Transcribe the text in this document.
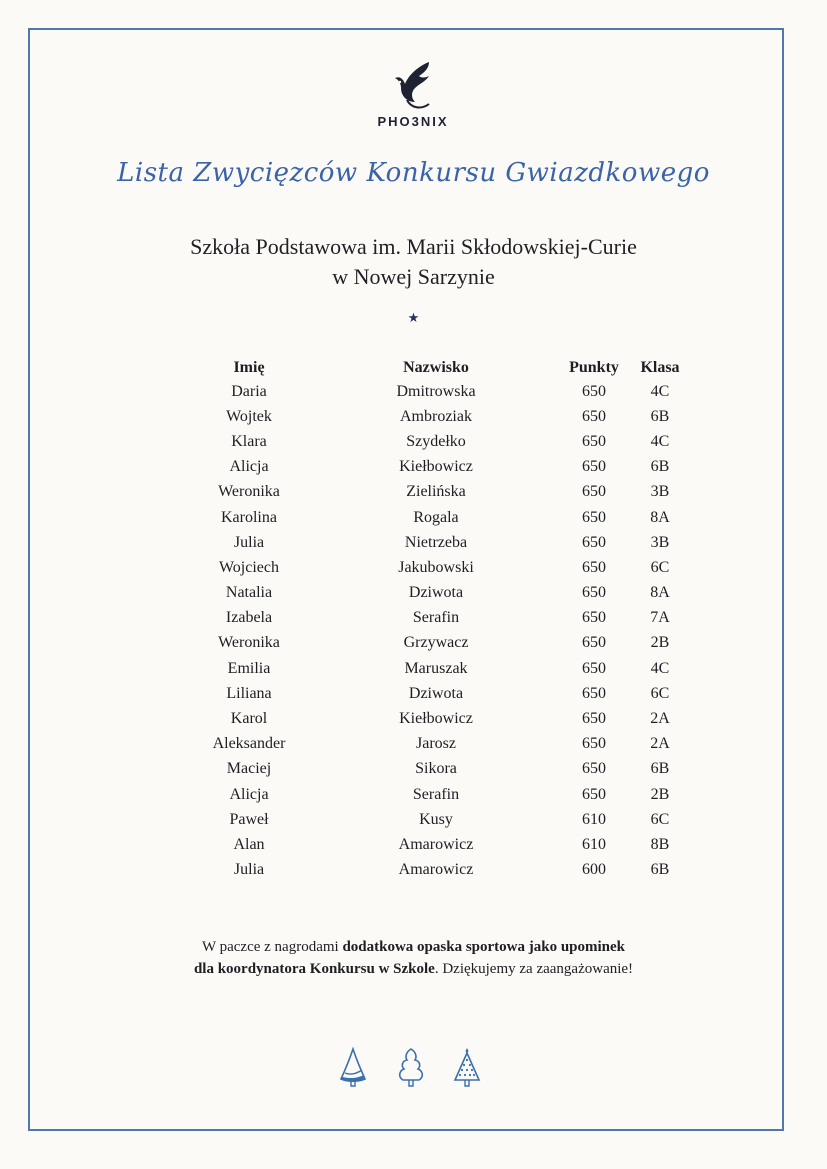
PHO3NIX
Lista Zwycięzców Konkursu Gwiazdkowego
Szkoła Podstawowa im. Marii Skłodowskiej-Curie
w Nowej Sarzynie
★
Imię	Nazwisko	Punkty	Klasa
Daria	Dmitrowska	650	4C
Wojtek	Ambroziak	650	6B
Klara	Szydełko	650	4C
Alicja	Kiełbowicz	650	6B
Weronika	Zielińska	650	3B
Karolina	Rogala	650	8A
Julia	Nietrzeba	650	3B
Wojciech	Jakubowski	650	6C
Natalia	Dziwota	650	8A
Izabela	Serafin	650	7A
Weronika	Grzywacz	650	2B
Emilia	Maruszak	650	4C
Liliana	Dziwota	650	6C
Karol	Kiełbowicz	650	2A
Aleksander	Jarosz	650	2A
Maciej	Sikora	650	6B
Alicja	Serafin	650	2B
Paweł	Kusy	610	6C
Alan	Amarowicz	610	8B
Julia	Amarowicz	600	6B
W paczce z nagrodami dodatkowa opaska sportowa jako upominek
dla koordynatora Konkursu w Szkole. Dziękujemy za zaangażowanie!
